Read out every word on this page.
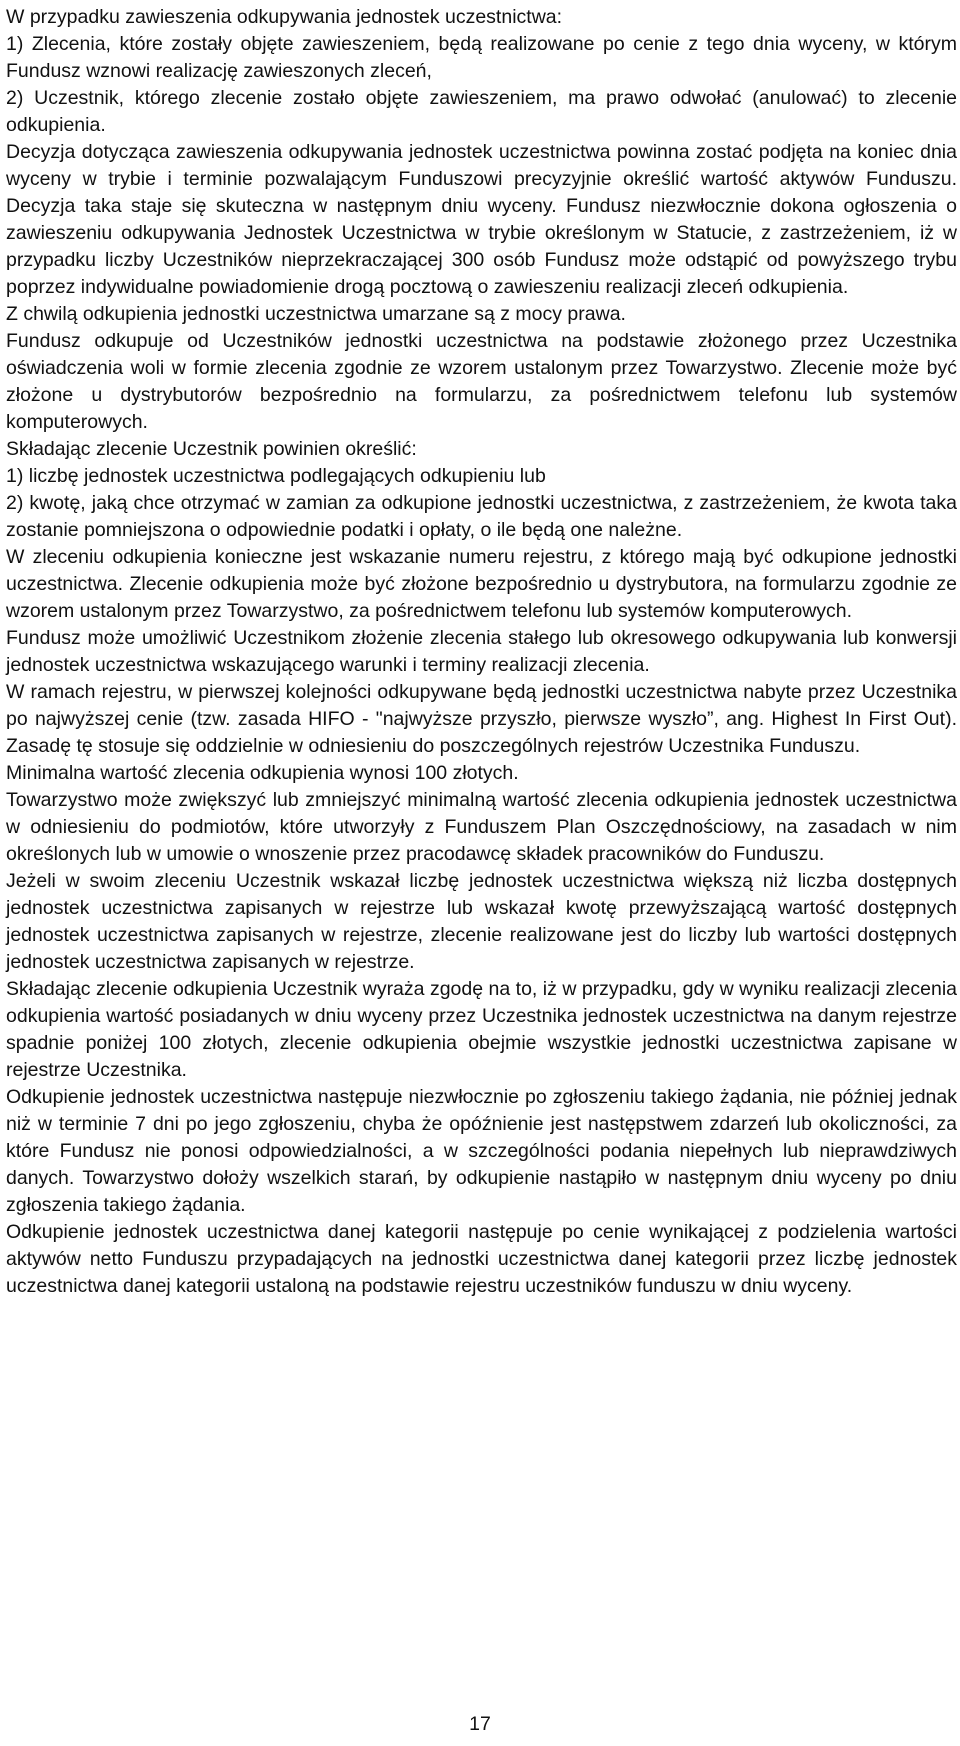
W przypadku zawieszenia odkupywania jednostek uczestnictwa:

1) Zlecenia, które zostały objęte zawieszeniem, będą realizowane po cenie z tego dnia wyceny, w którym Fundusz wznowi realizację zawieszonych zleceń,

2) Uczestnik, którego zlecenie zostało objęte zawieszeniem, ma prawo odwołać (anulować) to zlecenie odkupienia.

Decyzja dotycząca zawieszenia odkupywania jednostek uczestnictwa powinna zostać podjęta na koniec dnia wyceny w trybie i terminie pozwalającym Funduszowi precyzyjnie określić wartość aktywów Funduszu. Decyzja taka staje się skuteczna w następnym dniu wyceny. Fundusz niezwłocznie dokona ogłoszenia o zawieszeniu odkupywania Jednostek Uczestnictwa w trybie określonym w Statucie, z zastrzeżeniem, iż w przypadku liczby Uczestników nieprzekraczającej 300 osób Fundusz może odstąpić od powyższego trybu poprzez indywidualne powiadomienie drogą pocztową o zawieszeniu realizacji zleceń odkupienia.

Z chwilą odkupienia jednostki uczestnictwa umarzane są z mocy prawa.

Fundusz odkupuje od Uczestników jednostki uczestnictwa na podstawie złożonego przez Uczestnika oświadczenia woli w formie zlecenia zgodnie ze wzorem ustalonym przez Towarzystwo. Zlecenie może być złożone u dystrybutorów bezpośrednio na formularzu, za pośrednictwem telefonu lub systemów komputerowych.

Składając zlecenie Uczestnik powinien określić:

1) liczbę jednostek uczestnictwa podlegających odkupieniu lub

2) kwotę, jaką chce otrzymać w zamian za odkupione jednostki uczestnictwa, z zastrzeżeniem, że kwota taka zostanie pomniejszona o odpowiednie podatki i opłaty, o ile będą one należne.

W zleceniu odkupienia konieczne jest wskazanie numeru rejestru, z którego mają być odkupione jednostki uczestnictwa. Zlecenie odkupienia może być złożone bezpośrednio u dystrybutora, na formularzu zgodnie ze wzorem ustalonym przez Towarzystwo, za pośrednictwem telefonu lub systemów komputerowych.

Fundusz może umożliwić Uczestnikom złożenie zlecenia stałego lub okresowego odkupywania lub konwersji jednostek uczestnictwa wskazującego warunki i terminy realizacji zlecenia.

W ramach rejestru, w pierwszej kolejności odkupywane będą jednostki uczestnictwa nabyte przez Uczestnika po najwyższej cenie (tzw. zasada HIFO - "najwyższe przyszło, pierwsze wyszło”, ang. Highest In First Out). Zasadę tę stosuje się oddzielnie w odniesieniu do poszczególnych rejestrów Uczestnika Funduszu.

Minimalna wartość zlecenia odkupienia wynosi 100 złotych.

Towarzystwo może zwiększyć lub zmniejszyć minimalną wartość zlecenia odkupienia jednostek uczestnictwa w odniesieniu do podmiotów, które utworzyły z Funduszem Plan Oszczędnościowy, na zasadach w nim określonych lub w umowie o wnoszenie przez pracodawcę składek pracowników do Funduszu.

Jeżeli w swoim zleceniu Uczestnik wskazał liczbę jednostek uczestnictwa większą niż liczba dostępnych jednostek uczestnictwa zapisanych w rejestrze lub wskazał kwotę przewyższającą wartość dostępnych jednostek uczestnictwa zapisanych w rejestrze, zlecenie realizowane jest do liczby lub wartości dostępnych jednostek uczestnictwa zapisanych w rejestrze.

Składając zlecenie odkupienia Uczestnik wyraża zgodę na to, iż w przypadku, gdy w wyniku realizacji zlecenia odkupienia wartość posiadanych w dniu wyceny przez Uczestnika jednostek uczestnictwa na danym rejestrze spadnie poniżej 100 złotych, zlecenie odkupienia obejmie wszystkie jednostki uczestnictwa zapisane w rejestrze Uczestnika.

Odkupienie jednostek uczestnictwa następuje niezwłocznie po zgłoszeniu takiego żądania, nie później jednak niż w terminie 7 dni po jego zgłoszeniu, chyba że opóźnienie jest następstwem zdarzeń lub okoliczności, za które Fundusz nie ponosi odpowiedzialności, a w szczególności podania niepełnych lub nieprawdziwych danych. Towarzystwo dołoży wszelkich starań, by odkupienie nastąpiło w następnym dniu wyceny po dniu zgłoszenia takiego żądania.

Odkupienie jednostek uczestnictwa danej kategorii następuje po cenie wynikającej z podzielenia wartości aktywów netto Funduszu przypadających na jednostki uczestnictwa danej kategorii przez liczbę jednostek uczestnictwa danej kategorii ustaloną na podstawie rejestru uczestników funduszu w dniu wyceny.

17
